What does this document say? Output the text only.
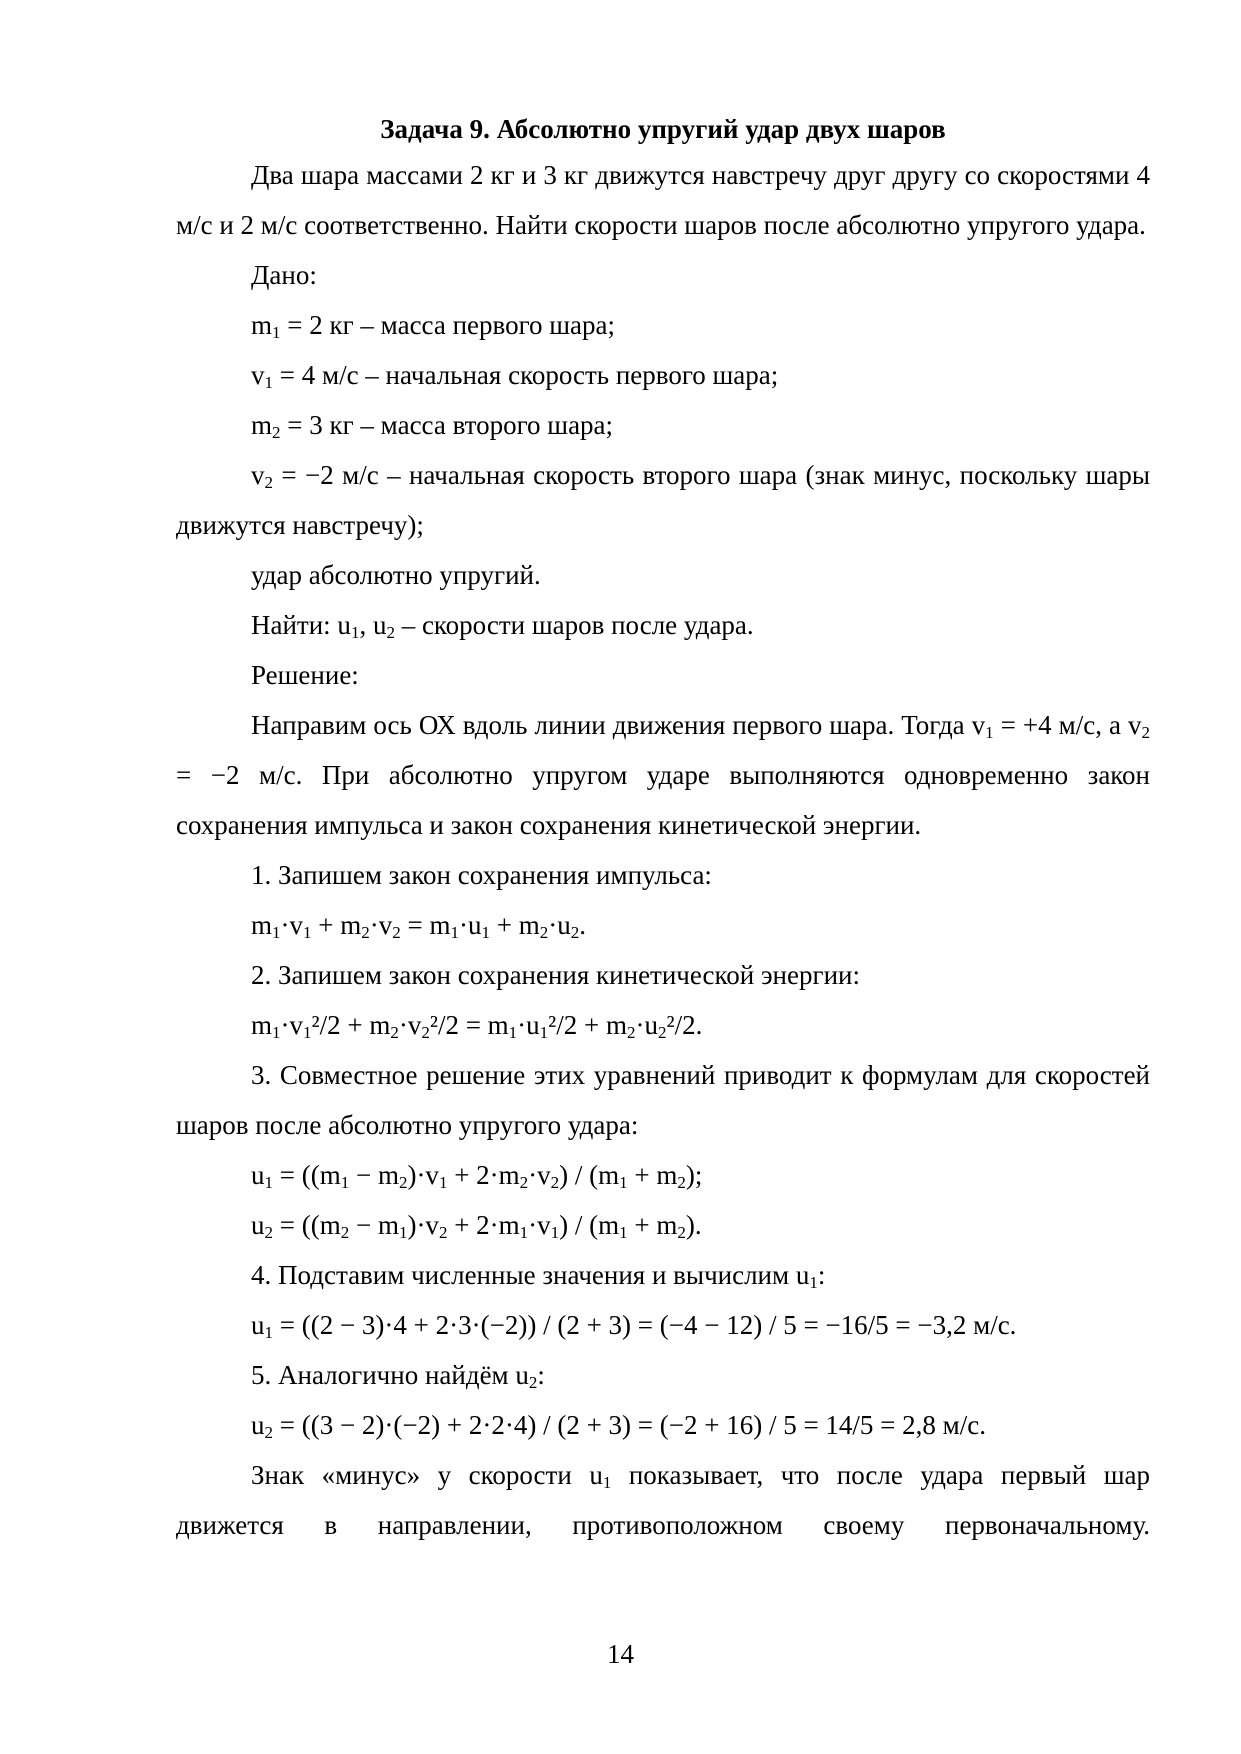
Задача 9. Абсолютно упругий удар двух шаров

Два шара массами 2 кг и 3 кг движутся навстречу друг другу со скоростями 4 м/с и 2 м/с соответственно. Найти скорости шаров после абсолютно упругого удара.

Дано:

$m_1 = 2$ кг – масса первого шара;

$v_1 = 4$ м/с – начальная скорость первого шара;

$m_2 = 3$ кг – масса второго шара;

$v_2 = -2$ м/с – начальная скорость второго шара (знак минус, поскольку шары движутся навстречу);

удар абсолютно упругий.

Найти: $u_1$, $u_2$ – скорости шаров после удара.

Решение:

Направим ось ОХ вдоль линии движения первого шара. Тогда $v_1 = +4$ м/с, а $v_2 = -2$ м/с. При абсолютно упругом ударе выполняются одновременно закон сохранения импульса и закон сохранения кинетической энергии.

1. Запишем закон сохранения импульса:

$m_1\cdot v_1 + m_2\cdot v_2 = m_1\cdot u_1 + m_2\cdot u_2$.

2. Запишем закон сохранения кинетической энергии:

$m_1\cdot v_1^2/2 + m_2\cdot v_2^2/2 = m_1\cdot u_1^2/2 + m_2\cdot u_2^2/2$.

3. Совместное решение этих уравнений приводит к формулам для скоростей шаров после абсолютно упругого удара:

$u_1 = ((m_1 - m_2)\cdot v_1 + 2\cdot m_2\cdot v_2) / (m_1 + m_2)$;

$u_2 = ((m_2 - m_1)\cdot v_2 + 2\cdot m_1\cdot v_1) / (m_1 + m_2)$.

4. Подставим численные значения и вычислим $u_1$:

$u_1 = ((2 - 3)\cdot 4 + 2\cdot 3\cdot(-2)) / (2 + 3) = (-4 - 12) / 5 = -16/5 = -3,2$ м/с.

5. Аналогично найдём $u_2$:

$u_2 = ((3 - 2)\cdot(-2) + 2\cdot 2\cdot 4) / (2 + 3) = (-2 + 16) / 5 = 14/5 = 2,8$ м/с.

Знак «минус» у скорости $u_1$ показывает, что после удара первый шар движется в направлении, противоположном своему первоначальному.

14
